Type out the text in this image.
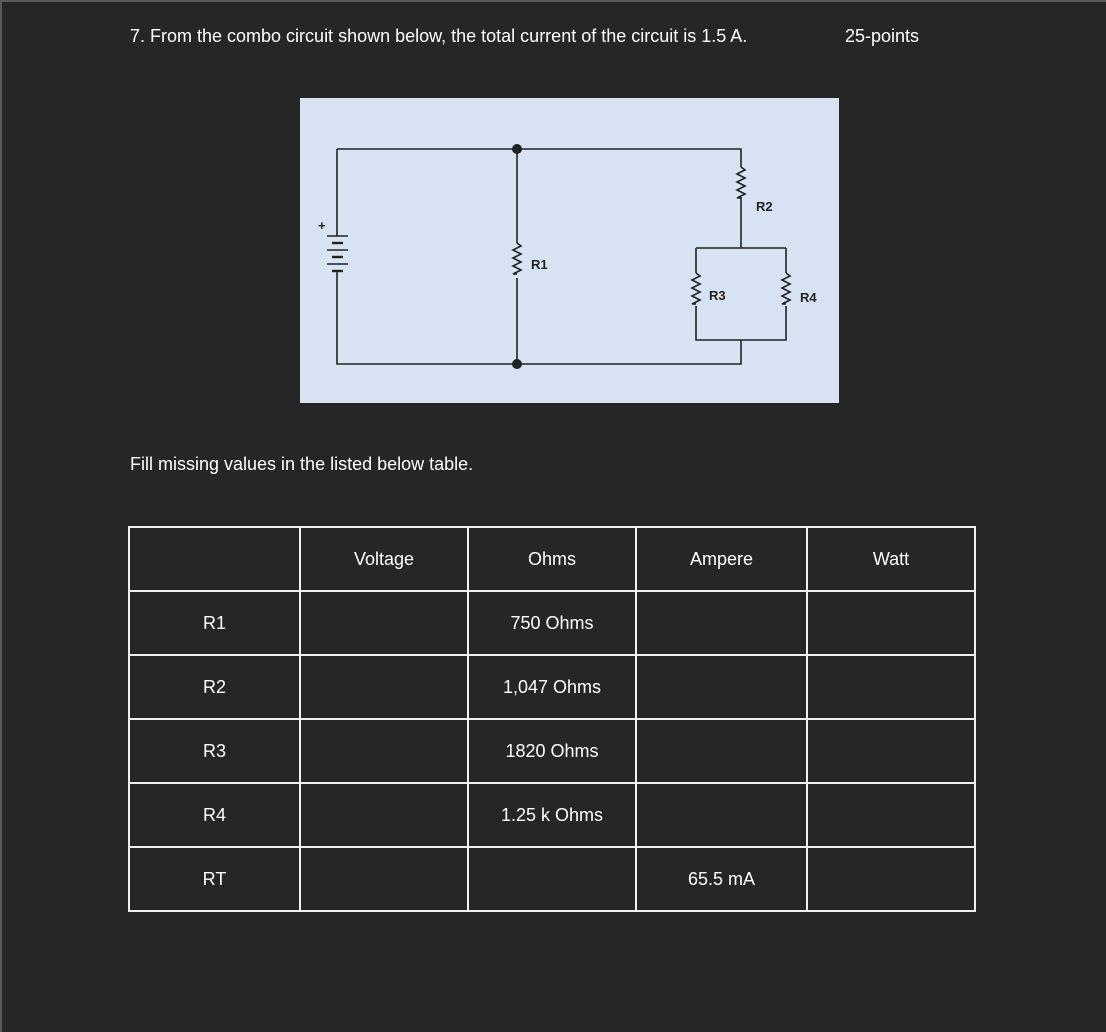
7. From the combo circuit shown below, the total current of the circuit is 1.5 A.	25-points
+
R1
R2
R3	R4
Fill missing values in the listed below table.
	Voltage	Ohms	Ampere	Watt
R1		750 Ohms		
R2		1,047 Ohms		
R3		1820 Ohms		
R4		1.25 k Ohms		
RT			65.5 mA	
